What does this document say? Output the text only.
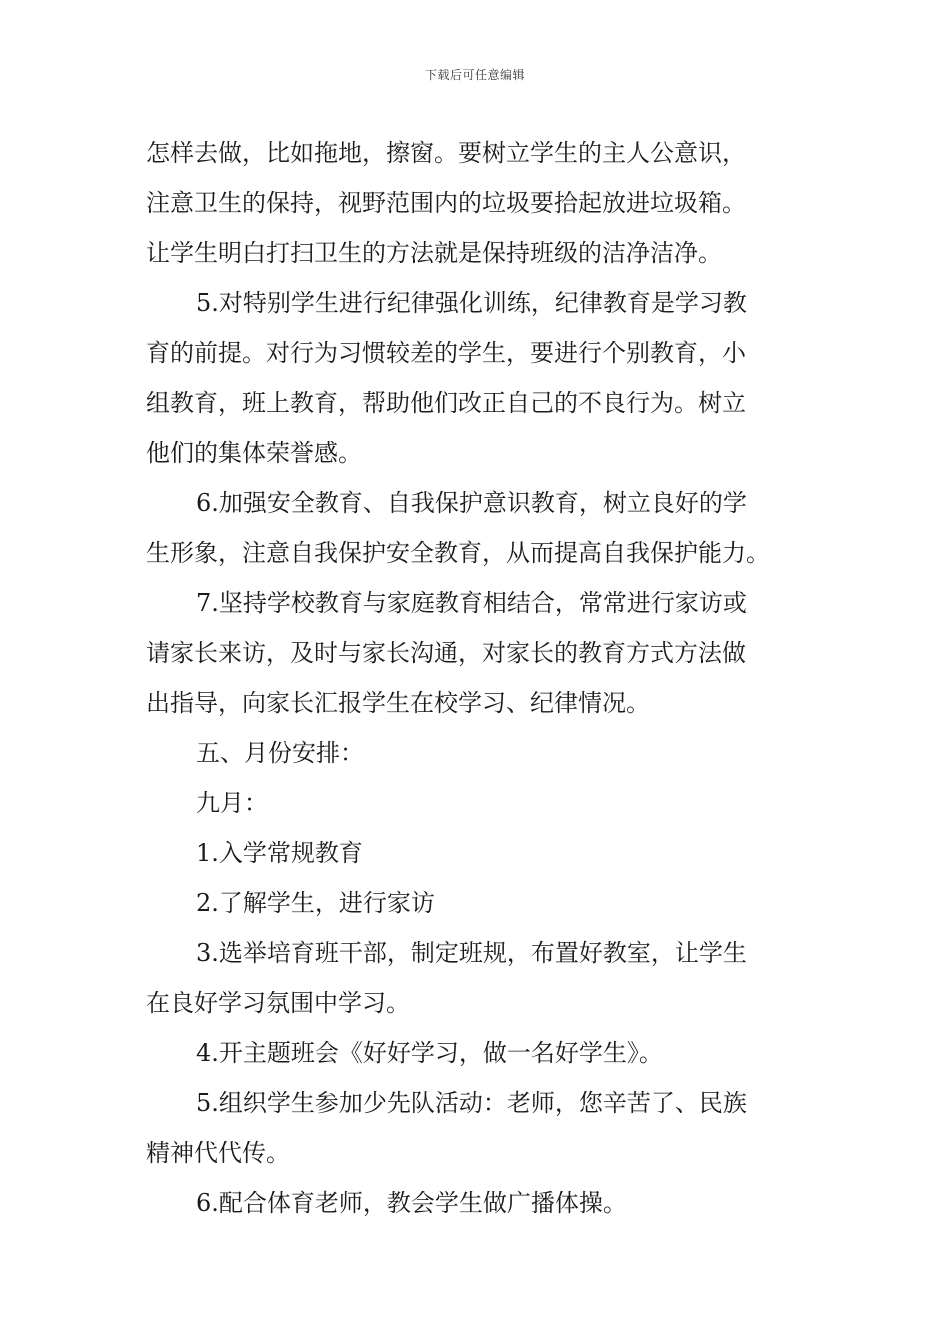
下载后可任意编辑
怎样去做，比如拖地，擦窗。要树立学生的主人公意识，
注意卫生的保持，视野范围内的垃圾要拾起放进垃圾箱。
让学生明白打扫卫生的方法就是保持班级的洁净洁净。
5.对特别学生进行纪律强化训练，纪律教育是学习教
育的前提。对行为习惯较差的学生，要进行个别教育，小
组教育，班上教育，帮助他们改正自己的不良行为。树立
他们的集体荣誉感。
6.加强安全教育、自我保护意识教育，树立良好的学
生形象，注意自我保护安全教育，从而提高自我保护能力。
7.坚持学校教育与家庭教育相结合，常常进行家访或
请家长来访，及时与家长沟通，对家长的教育方式方法做
出指导，向家长汇报学生在校学习、纪律情况。
五、月份安排：
九月：
1.入学常规教育
2.了解学生，进行家访
3.选举培育班干部，制定班规，布置好教室，让学生
在良好学习氛围中学习。
4.开主题班会《好好学习，做一名好学生》。
5.组织学生参加少先队活动：老师，您辛苦了、民族
精神代代传。
6.配合体育老师，教会学生做广播体操。
